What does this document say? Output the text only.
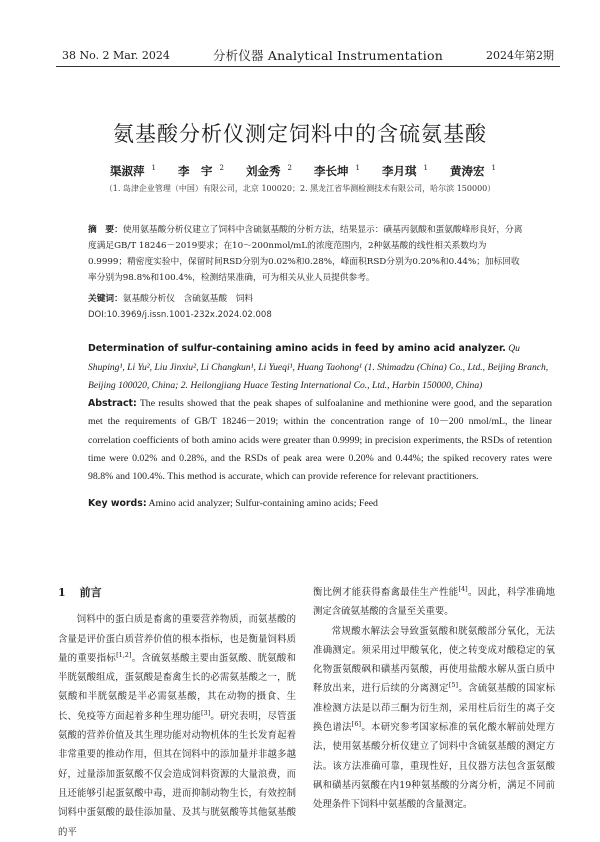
38 No. 2 Mar. 2024	分析仪器 Analytical Instrumentation	2024年第2期
氨基酸分析仪测定饲料中的含硫氨基酸
渠淑萍 $^1$ 李　宇 $^2$ 刘金秀 $^2$ 李长坤 $^1$ 李月琪 $^1$ 黄涛宏 $^1$
（1. 岛津企业管理（中国）有限公司，北京 100020；2. 黑龙江省华测检测技术有限公司，哈尔滨 150000）
摘　要：使用氨基酸分析仪建立了饲料中含硫氨基酸的分析方法，结果显示：磺基丙氨酸和蛋氨酸峰形良好，分离度满足GB/T 18246－2019要求；在10～200nmol/mL的浓度范围内，2种氨基酸的线性相关系数均为0.9999；精密度实验中，保留时间RSD分别为0.02%和0.28%，峰面积RSD分别为0.20%和0.44%；加标回收率分别为98.8%和100.4%，检测结果准确，可为相关从业人员提供参考。
关键词：氨基酸分析仪　含硫氨基酸　饲料
DOI:10.3969/j.issn.1001-232x.2024.02.008
Determination of sulfur-containing amino acids in feed by amino acid analyzer. Qu Shuping¹, Li Yu², Liu Jinxiu², Li Changkun¹, Li Yueqi¹, Huang Taohong¹ (1. Shimadzu (China) Co., Ltd., Beijing Branch, Beijing 100020, China; 2. Heilongjiang Huace Testing International Co., Ltd., Harbin 150000, China)
Abstract: The results showed that the peak shapes of sulfoalanine and methionine were good, and the separation met the requirements of GB/T 18246－2019; within the concentration range of 10－200 nmol/mL, the linear correlation coefficients of both amino acids were greater than 0.9999; in precision experiments, the RSDs of retention time were 0.02% and 0.28%, and the RSDs of peak area were 0.20% and 0.44%; the spiked recovery rates were 98.8% and 100.4%. This method is accurate, which can provide reference for relevant practitioners.
Key words: Amino acid analyzer; Sulfur-containing amino acids; Feed
1 前言

饲料中的蛋白质是畜禽的重要营养物质，而氨基酸的含量是评价蛋白质营养价值的根本指标，也是衡量饲料质量的重要指标[1,2]。含硫氨基酸主要由蛋氨酸、胱氨酸和半胱氨酸组成，蛋氨酸是畜禽生长的必需氨基酸之一，胱氨酸和半胱氨酸是半必需氨基酸，其在动物的摄食、生长、免疫等方面起着多种生理功能[3]。研究表明，尽管蛋氨酸的营养价值及其生理功能对动物机体的生长发育起着非常重要的推动作用，但其在饲料中的添加量并非越多越好，过量添加蛋氨酸不仅会造成饲料资源的大量浪费，而且还能够引起蛋氨酸中毒，进而抑制动物生长，有效控制饲料中蛋氨酸的最佳添加量、及其与胱氨酸等其他氨基酸的平

衡比例才能获得畜禽最佳生产性能[4]。因此，科学准确地测定含硫氨基酸的含量至关重要。

常规酸水解法会导致蛋氨酸和胱氨酸部分氧化，无法准确测定。须采用过甲酸氧化，使之转变成对酸稳定的氧化物蛋氨酸砜和磺基丙氨酸，再使用盐酸水解从蛋白质中释放出来，进行后续的分离测定[5]。含硫氨基酸的国家标准检测方法是以茚三酮为衍生剂，采用柱后衍生的离子交换色谱法[6]。本研究参考国家标准的氧化酸水解前处理方法，使用氨基酸分析仪建立了饲料中含硫氨基酸的测定方法。该方法准确可靠，重现性好，且仪器方法包含蛋氨酸砜和磺基丙氨酸在内19种氨基酸的分离分析，满足不同前处理条件下饲料中氨基酸的含量测定。
